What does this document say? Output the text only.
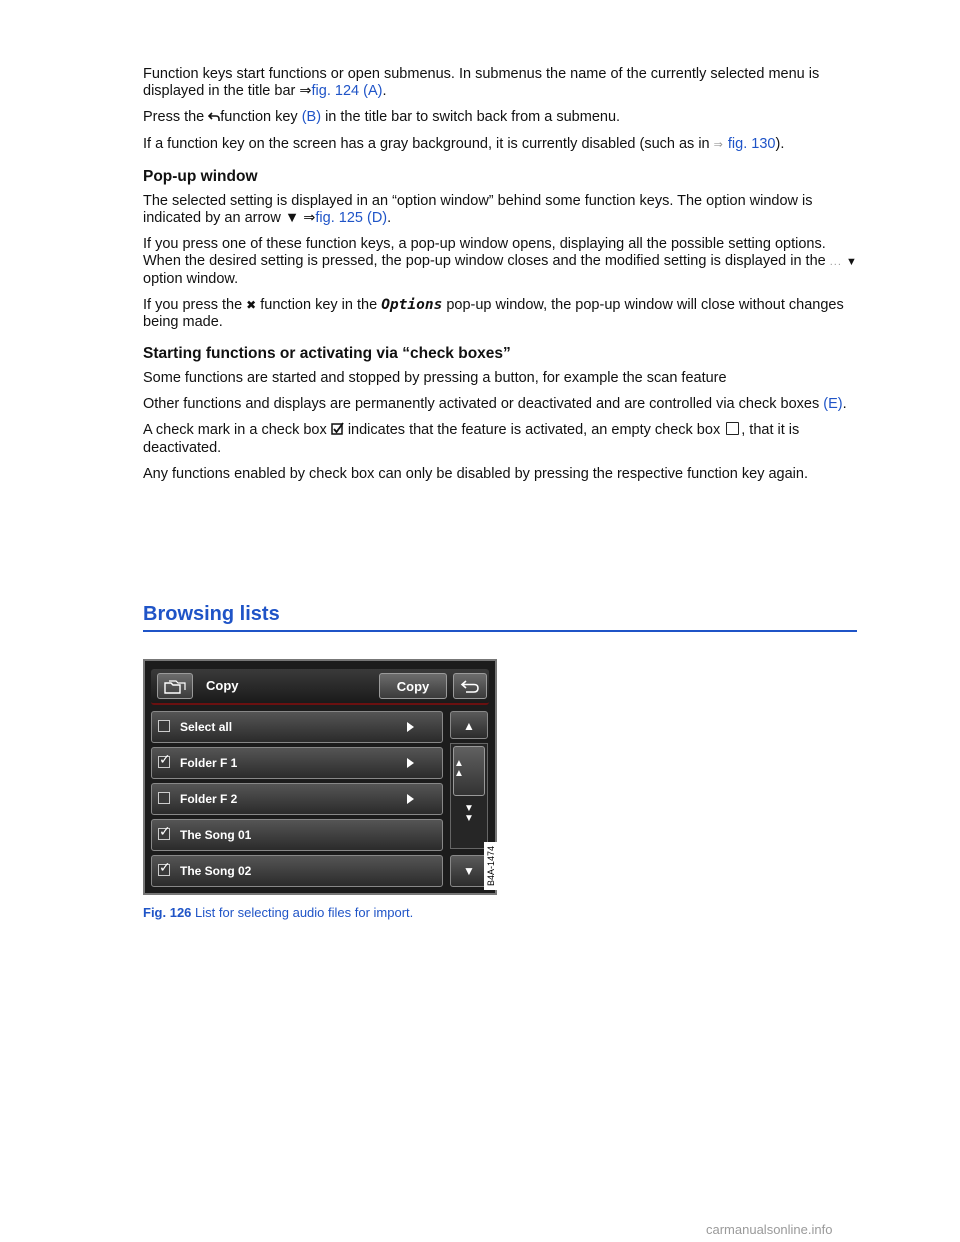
Function keys start functions or open submenus. In submenus the name of the currently selected menu is displayed in the title bar ⇒fig. 124 (A).

Press the function key (B) in the title bar to switch back from a submenu.

If a function key on the screen has a gray background, it is currently disabled (such as in ⇒ fig. 130).

Pop-up window

The selected setting is displayed in an “option window” behind some function keys. The option window is indicated by an arrow ▼ ⇒fig. 125 (D).

If you press one of these function keys, a pop-up window opens, displaying all the possible setting options. When the desired setting is pressed, the pop-up window closes and the modified setting is displayed in the ... ▼ option window.

If you press the ✖ function key in the Options pop-up window, the pop-up window will close without changes being made.

Starting functions or activating via “check boxes”

Some functions are started and stopped by pressing a button, for example the scan feature

Other functions and displays are permanently activated or deactivated and are controlled via check boxes (E).

A check mark in a check box indicates that the feature is activated, an empty check box , that it is deactivated.

Any functions enabled by check box can only be disabled by pressing the respective function key again.

Browsing lists
Copy	Copy
Select all
✓
Folder F 1
Folder F 2
✓
The Song 01
✓
The Song 02
▲
▲
▲
▼
▼
▼	B4A-1474
Fig. 126 List for selecting audio files for import.
carmanualsonline.info
